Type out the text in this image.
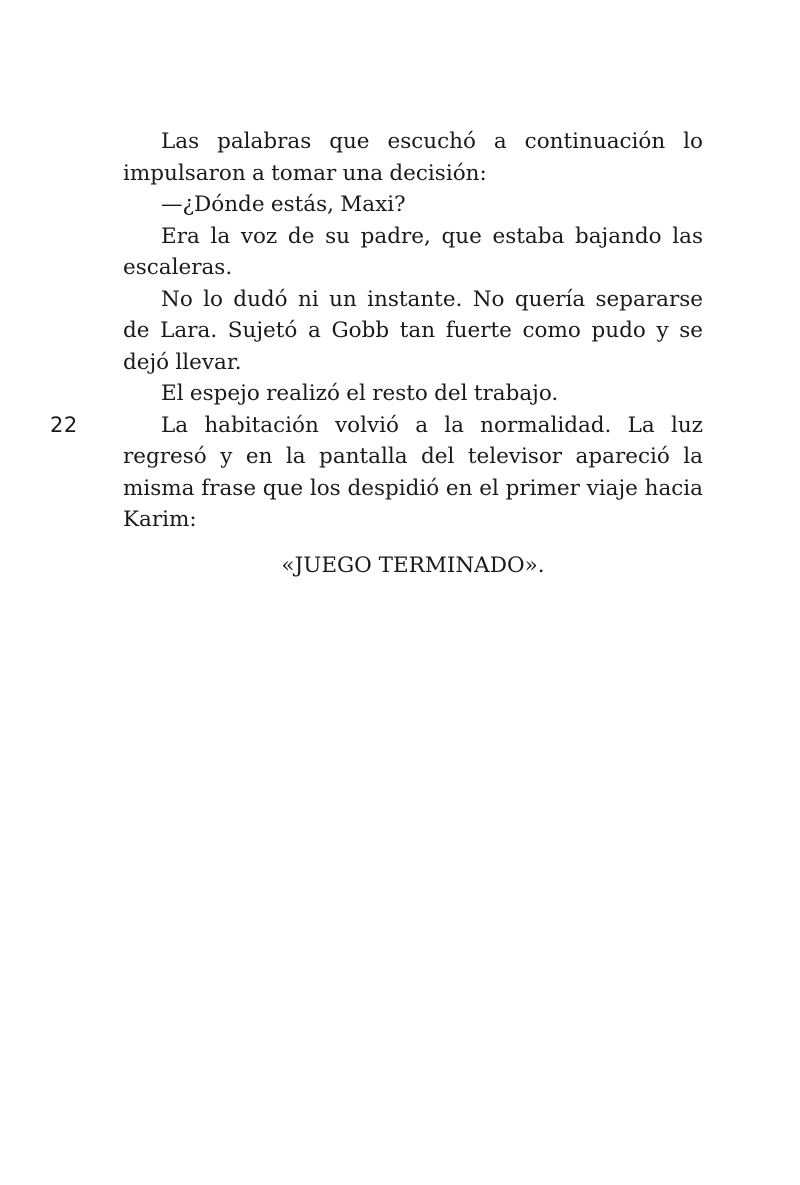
22

Las palabras que escuchó a continuación lo impulsaron a tomar una decisión:

—¿Dónde estás, Maxi?

Era la voz de su padre, que estaba bajando las escaleras.

No lo dudó ni un instante. No quería separarse de Lara. Sujetó a Gobb tan fuerte como pudo y se dejó llevar.

El espejo realizó el resto del trabajo.

La habitación volvió a la normalidad. La luz regresó y en la pantalla del televisor apareció la misma frase que los despidió en el primer viaje hacia Karim:

«JUEGO TERMINADO».
